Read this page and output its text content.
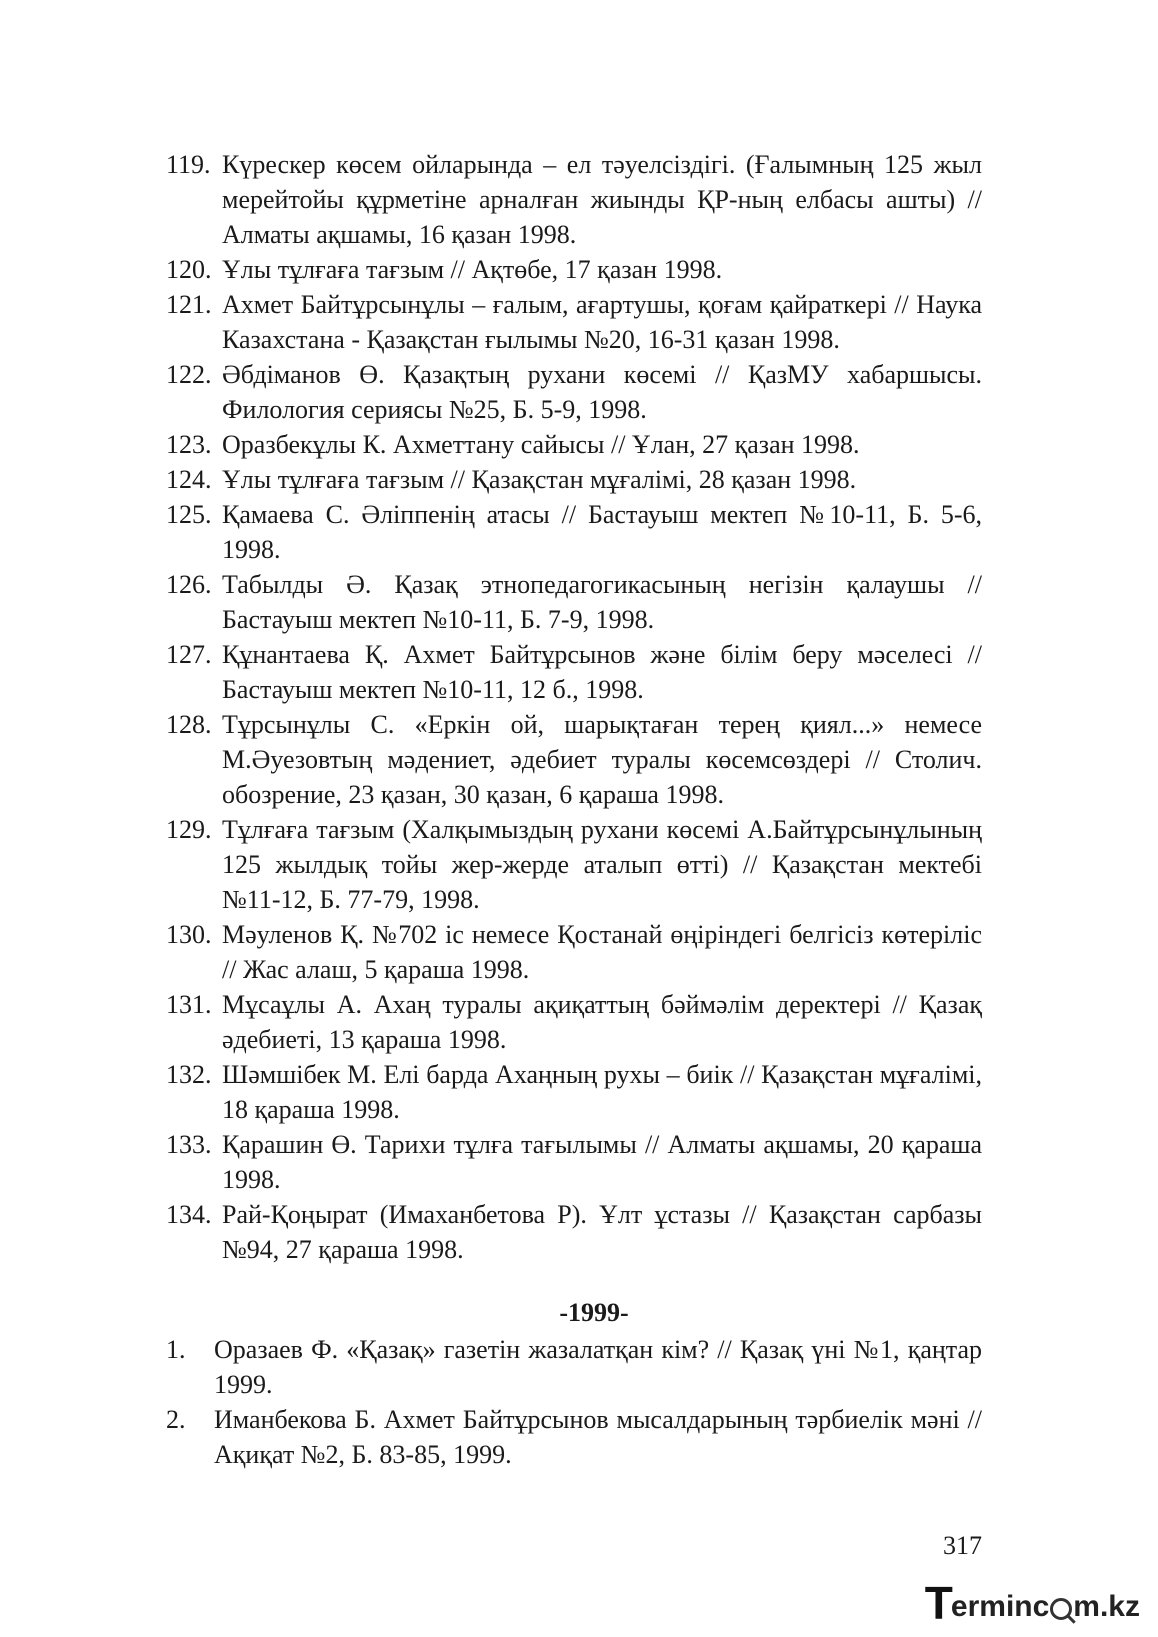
119. Күрескер көсем ойларында – ел тәуелсіздігі. (Ғалымның 125 жыл мерейтойы құрметіне арналған жиынды ҚР-ның елбасы ашты) // Алматы ақшамы, 16 қазан 1998.
120. Ұлы тұлғаға тағзым // Ақтөбе, 17 қазан 1998.
121. Ахмет Байтұрсынұлы – ғалым, ағартушы, қоғам қайраткері // Наука Казахстана - Қазақстан ғылымы №20, 16-31 қазан 1998.
122. Әбдіманов Ө. Қазақтың рухани көсемі // ҚазМУ хабаршысы. Филология сериясы №25, Б. 5-9, 1998.
123. Оразбекұлы К. Ахметтану сайысы // Ұлан, 27 қазан 1998.
124. Ұлы тұлғаға тағзым // Қазақстан мұғалімі, 28 қазан 1998.
125. Қамаева С. Әліппенің атасы // Бастауыш мектеп №10-11, Б. 5-6, 1998.
126. Табылды Ә. Қазақ этнопедагогикасының негізін қалаушы // Бастауыш мектеп №10-11, Б. 7-9, 1998.
127. Құнантаева Қ. Ахмет Байтұрсынов және білім беру мәселесі // Бастауыш мектеп №10-11, 12 б., 1998.
128. Тұрсынұлы С. «Еркін ой, шарықтаған терең қиял...» немесе М.Әуезовтың мәдениет, әдебиет туралы көсемсөздері // Столич. обозрение, 23 қазан, 30 қазан, 6 қараша 1998.
129. Тұлғаға тағзым (Халқымыздың рухани көсемі А.Байтұрсынұлының 125 жылдық тойы жер-жерде аталып өтті) // Қазақстан мектебі №11-12, Б. 77-79, 1998.
130. Мәуленов Қ. №702 іс немесе Қостанай өңіріндегі белгісіз көтеріліс // Жас алаш, 5 қараша 1998.
131. Мұсаұлы А. Ахаң туралы ақиқаттың бәймәлім деректері // Қазақ әдебиеті, 13 қараша 1998.
132. Шәмшібек М. Елі барда Ахаңның рухы – биік // Қазақстан мұғалімі, 18 қараша 1998.
133. Қарашин Ө. Тарихи тұлға тағылымы // Алматы ақшамы, 20 қараша 1998.
134. Рай-Қоңырат (Имаханбетова Р). Ұлт ұстазы // Қазақстан сарбазы №94, 27 қараша 1998.
-1999-
1.	Оразаев Ф. «Қазақ» газетін жазалатқан кім? // Қазақ үні №1, қаңтар 1999.
2.	Иманбекова Б. Ахмет Байтұрсынов мысалдарының тәрбиелік мәні // Ақиқат №2, Б. 83-85, 1999.
317
T erminc m.kz
